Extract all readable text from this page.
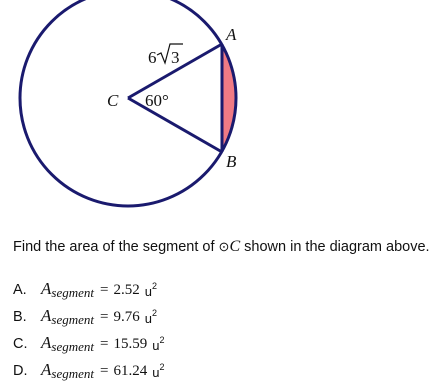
A
B
C 60°
6 3
Find the area of the segment of ⊙C shown in the diagram above.
A. A segment = 2.52 u 2
B. A segment = 9.76 u 2
C. A segment = 15.59 u 2
D. A segment = 61.24 u 2
